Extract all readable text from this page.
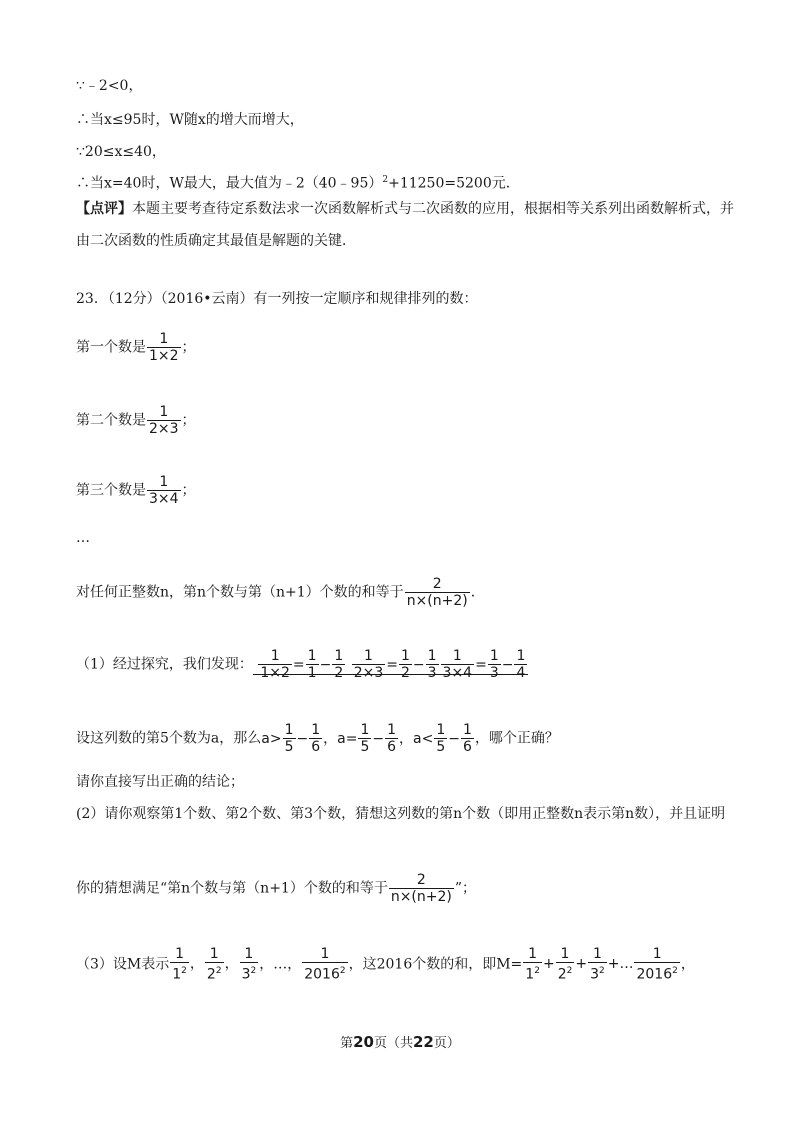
∵﹣2<0，
∴当x≤95时，W随x的增大而增大，
∵20≤x≤40，
∴当x=40时，W最大，最大值为﹣2（40﹣95）$^2$+11250=5200元．
【点评】本题主要考查待定系数法求一次函数解析式与二次函数的应用，根据相等关系列出函数解析式，并
由二次函数的性质确定其最值是解题的关键．
23．（12分）（2016•云南）有一列按一定顺序和规律排列的数：
第一个数是 $\frac{1}{1\times 2}$ ；
第二个数是 $\frac{1}{2\times 3}$ ；
第三个数是 $\frac{1}{3\times 4}$ ；
…
对任何正整数n，第n个数与第（n+1）个数的和等于 $\frac{2}{n\times(n+2)}$ ．
（1）经过探究，我们发现： $\frac{1}{1\times 2} = \frac{1}{1} - \frac{1}{2}$
$\frac{1}{2\times 3} = \frac{1}{2} - \frac{1}{3} \frac{1}{3\times 4} = \frac{1}{3} - \frac{1}{4}$
设这列数的第5个数为a，那么$a> \frac{1}{5} - \frac{1}{6}$ ，$a= \frac{1}{5} - \frac{1}{6}$ ，$a< \frac{1}{5} - \frac{1}{6}$ ，哪个正确？
请你直接写出正确的结论；
(2）请你观察第1个数、第2个数、第3个数，猜想这列数的第n个数（即用正整数n表示第n数），并且证明
你的猜想满足“第n个数与第（n+1）个数的和等于 $\frac{2}{n\times(n+2)}$ ”；
（3）设M表示 $\frac{1}{1^2}$ ， $\frac{1}{2^2}$ ， $\frac{1}{3^2}$ ，…， $\frac{1}{2016^2}$ ，这2016个数的和，即$M= \frac{1}{1^2} + \frac{1}{2^2} + \frac{1}{3^2}$ +… $\frac{1}{2016^2}$ ，
第20页（共22页）
